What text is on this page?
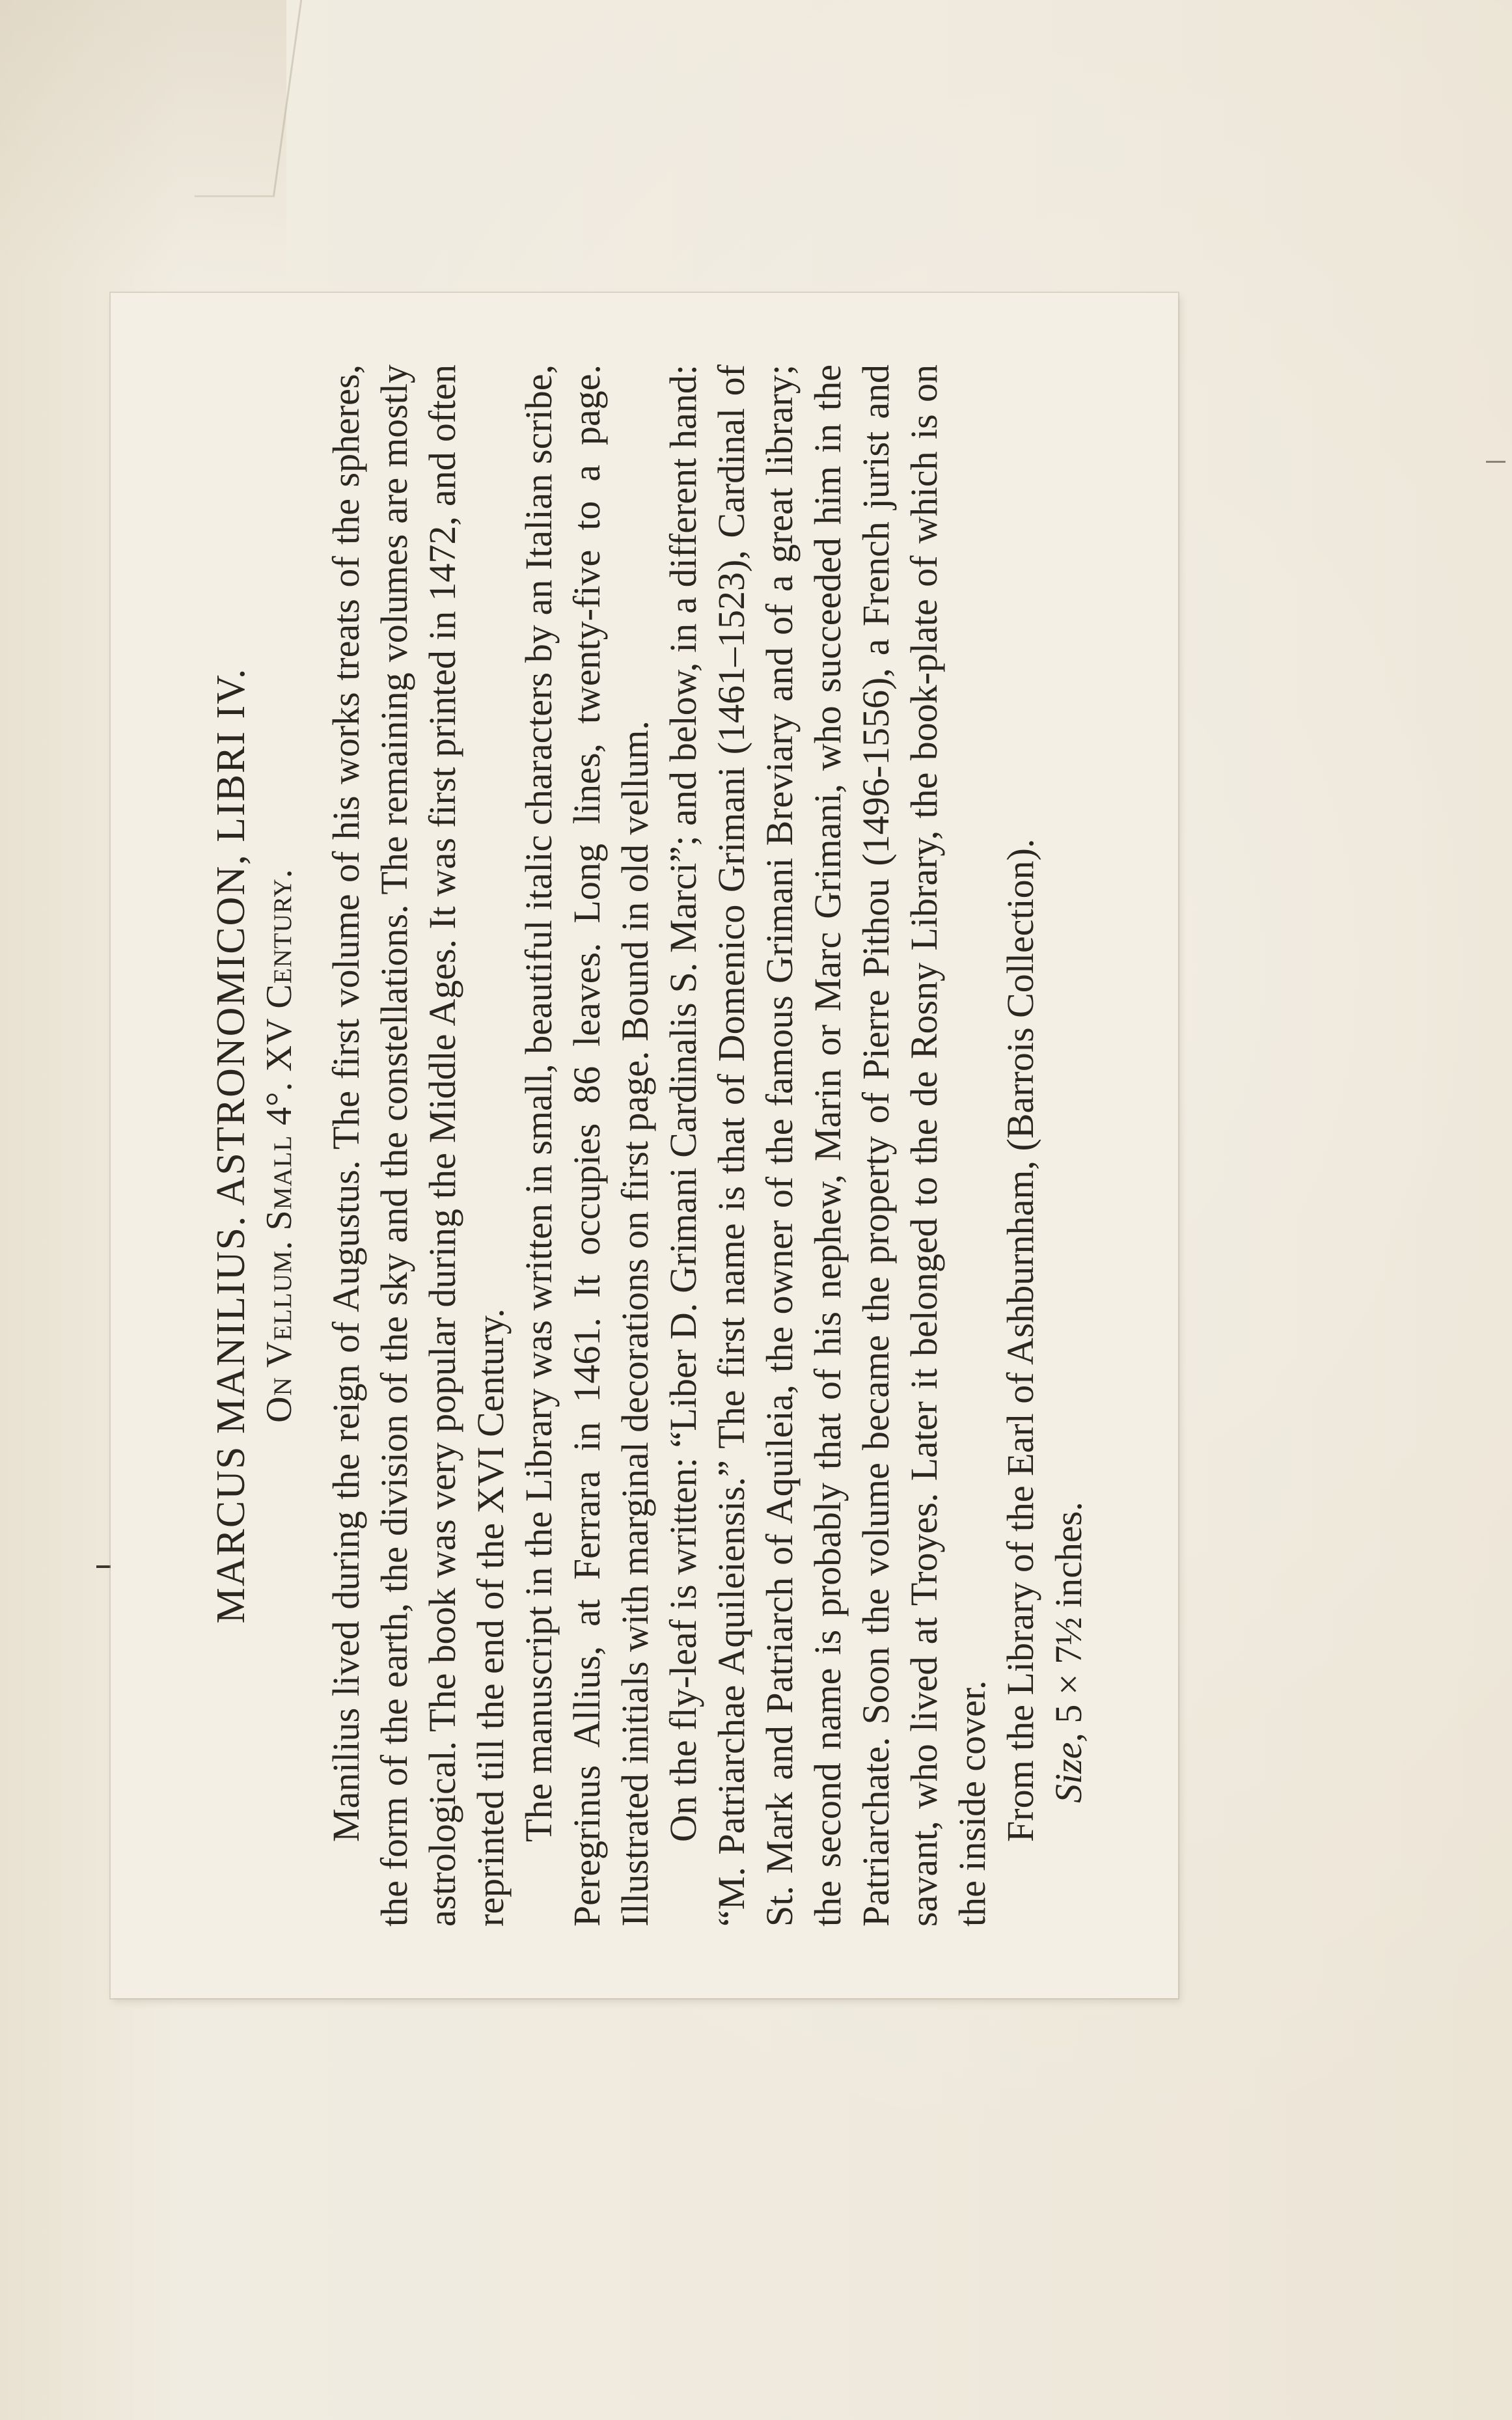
MARCUS MANILIUS. ASTRONOMICON, LIBRI IV. On Vellum. Small 4°. XV Century. Manilius lived during the reign of Augustus. The first volume of his works treats of the spheres, the form of the earth, the division of the sky and the constellations. The remaining volumes are mostly astrological. The book was very popular during the Middle Ages. It was first printed in 1472, and often reprinted till the end of the XVI Century. The manuscript in the Library was written in small, beautiful italic characters by an Italian scribe, Peregrinus Allius, at Ferrara in 1461. It occupies 86 leaves. Long lines, twenty-five to a page. Illustrated initials with marginal decorations on first page. Bound in old vellum. On the fly-leaf is written: “Liber D. Grimani Cardinalis S. Marci”; and below, in a different hand: “M. Patriarchae Aquileiensis.” The first name is that of Domenico Grimani (1461–1523), Cardinal of St. Mark and Patriarch of Aquileia, the owner of the famous Grimani Breviary and of a great library; the second name is probably that of his nephew, Marin or Marc Grimani, who succeeded him in the Patriarchate. Soon the volume became the property of Pierre Pithou (1496-1556), a French jurist and savant, who lived at Troyes. Later it belonged to the de Rosny Library, the book-plate of which is on the inside cover. From the Library of the Earl of Ashburnham, (Barrois Collection). Size, 5 × 7½ inches.
